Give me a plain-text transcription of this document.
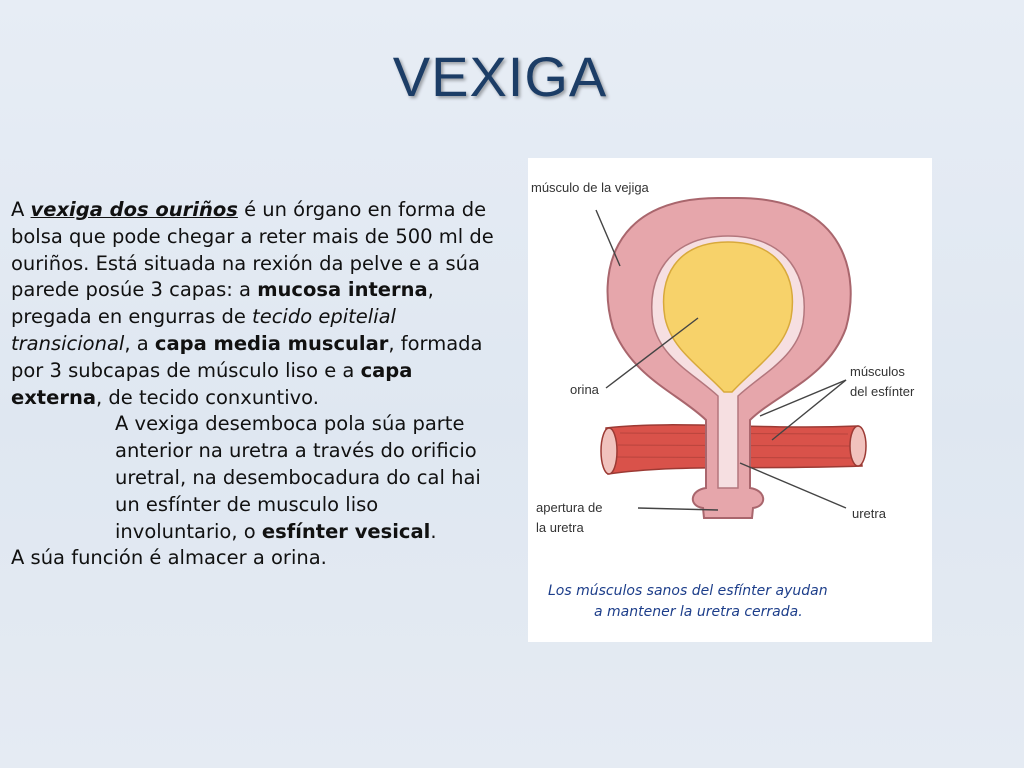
VEXIGA

A vexiga dos ouriños é un órgano en forma de bolsa que pode chegar a reter mais de 500 ml de ouriños. Está situada na rexión da pelve e a súa parede posúe 3 capas: a mucosa interna, pregada en engurras de tecido epitelial transicional, a capa media muscular, formada por 3 subcapas de músculo liso e a capa externa, de tecido conxuntivo.

A vexiga desemboca pola súa parte anterior na uretra a través do orificio uretral, na desembocadura do cal hai un esfínter de musculo liso involuntario, o esfínter vesical.

A súa función é almacer a orina.

músculo de la vejiga
orina
músculos
del esfínter
apertura de
la uretra
uretra
Los músculos sanos del esfínter ayudan
a mantener la uretra cerrada.
